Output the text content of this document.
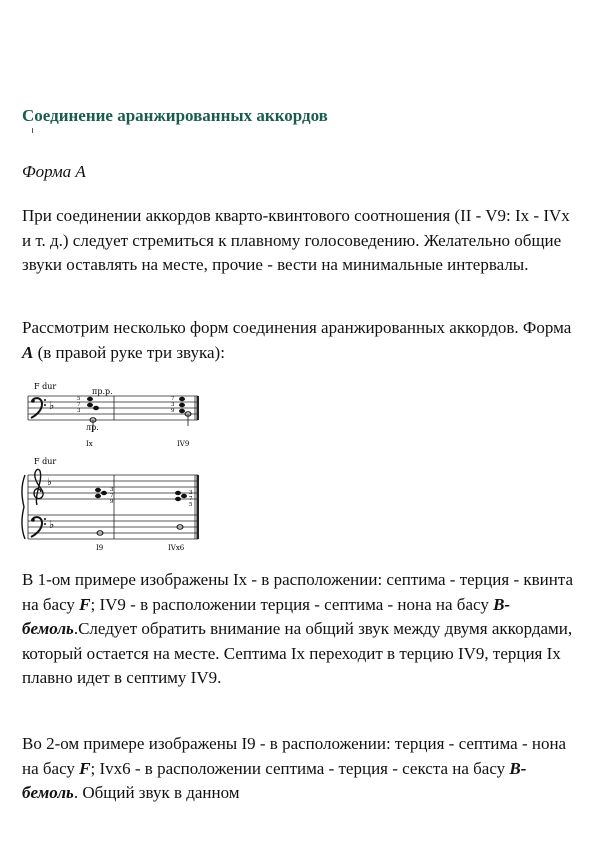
Соединение аранжированных аккордов

Форма А

При соединении аккордов кварто-квинтового соотношения (II - V9: Ix - IVx и т. д.) следует стремиться к плавному голосоведению. Желательно общие звуки оставлять на месте, прочие - вести на минимальные интервалы.

Рассмотрим несколько форм соединения аранжированных аккордов. Форма А (в правой руке три звука):

F dur
♭
пр.р.
лр.
5
7
3
7
3
9
Ix	IV9
F dur
♭
♭
3
7
9
3
7
5
I9	IVx6

В 1-ом примере изображены Ix - в расположении: септима - терция - квинта на басу F; IV9 - в расположении терция - септима - нона на басу В-бемоль.Следует обратить внимание на общий звук между двумя аккордами, который остается на месте. Септима Ix переходит в терцию IV9, терция Ix плавно идет в септиму IV9.

Во 2-ом примере изображены I9 - в расположении: терция - септима - нона на басу F; Ivx6 - в расположении септима - терция - секста на басу В-бемоль. Общий звук в данном
